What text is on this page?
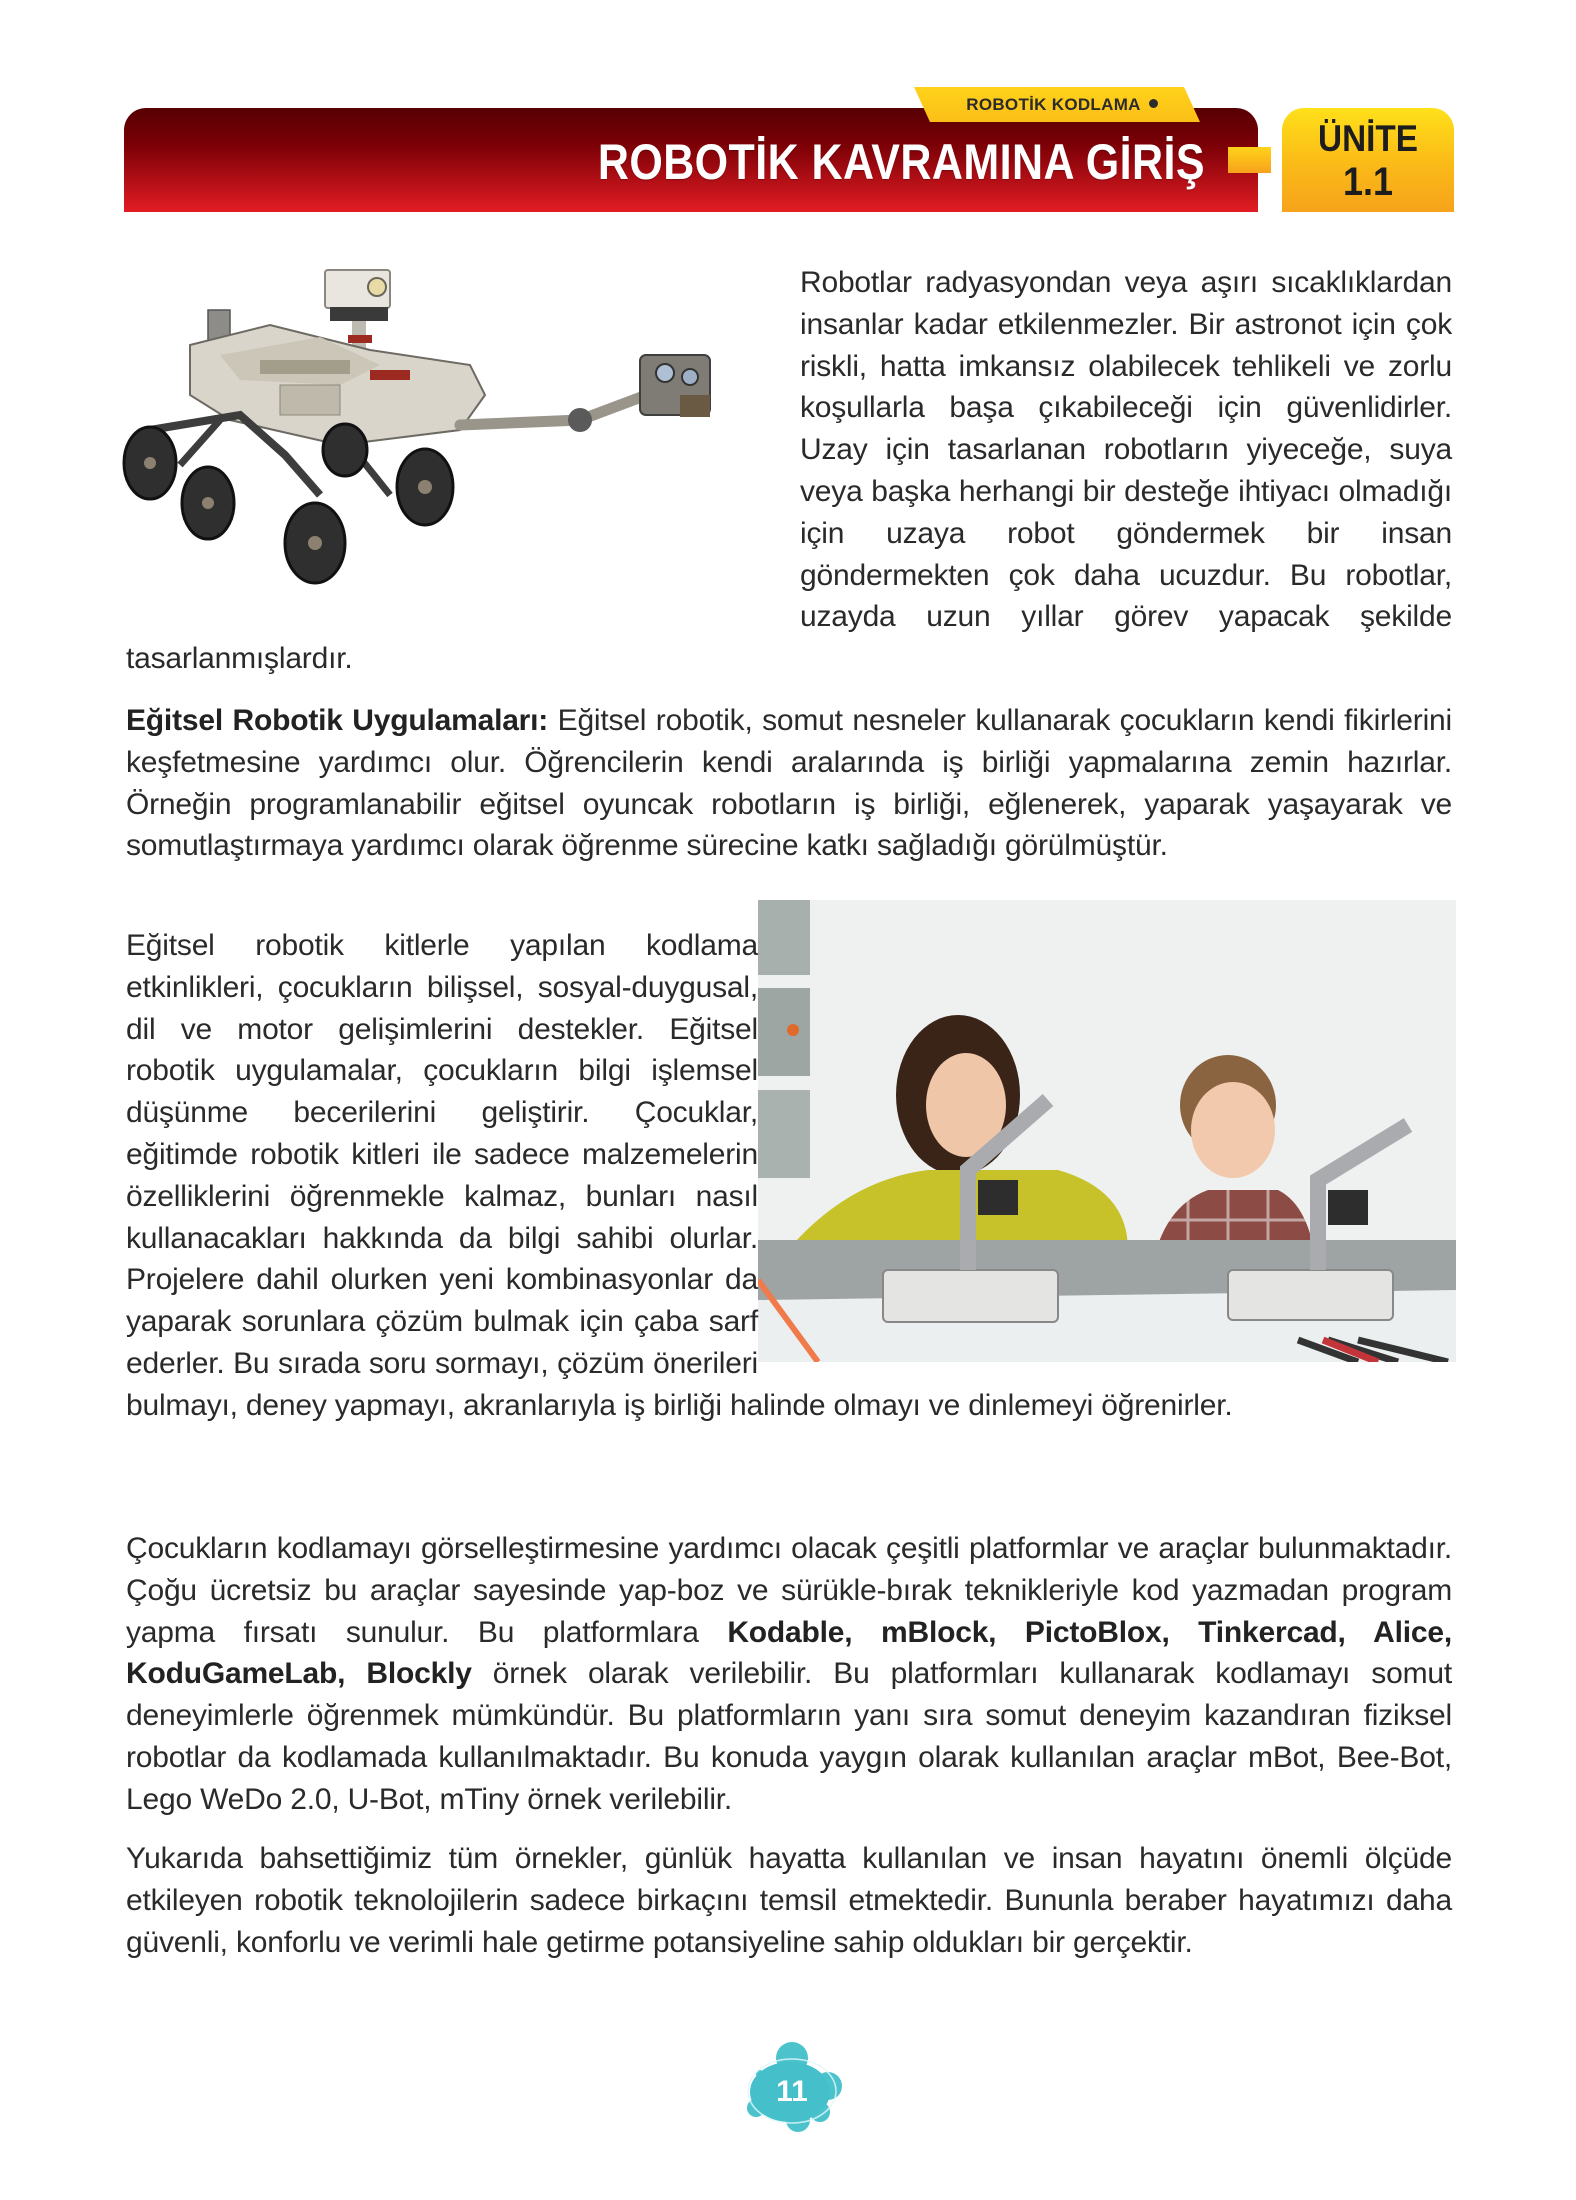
ROBOTİK KAVRAMINA GİRİŞ
ROBOTİK KODLAMA
ÜNİTE
1.1
Robotlar radyasyondan veya aşırı sıcaklıklardan insanlar kadar etkilenmezler. Bir astronot için çok riskli, hatta imkansız olabilecek tehlikeli ve zorlu koşullarla başa çıkabileceği için güvenlidirler. Uzay için tasarlanan robotların yiyeceğe, suya veya başka herhangi bir desteğe ihtiyacı olmadığı için uzaya robot göndermek bir insan göndermekten çok daha ucuzdur. Bu robotlar, uzayda uzun yıllar görev yapacak şekilde tasarlanmışlardır.
Eğitsel Robotik Uygulamaları: Eğitsel robotik, somut nesneler kullanarak çocukların kendi fikirlerini keşfetmesine yardımcı olur. Öğrencilerin kendi aralarında iş birliği yapmalarına zemin hazırlar. Örneğin programlanabilir eğitsel oyuncak robotların iş birliği, eğlenerek, yaparak yaşayarak ve somutlaştırmaya yardımcı olarak öğrenme sürecine katkı sağladığı görülmüştür.
Eğitsel robotik kitlerle yapılan kodlama etkinlikleri, çocukların bilişsel, sosyal-duygusal, dil ve motor gelişimlerini destekler. Eğitsel robotik uygulamalar, çocukların bilgi işlemsel düşünme becerilerini geliştirir. Çocuklar, eğitimde robotik kitleri ile sadece malzemelerin özelliklerini öğrenmekle kalmaz, bunları nasıl kullanacakları hakkında da bilgi sahibi olurlar. Projelere dahil olurken yeni kombinasyonlar da yaparak sorunlara çözüm bulmak için çaba sarf ederler. Bu sırada soru sormayı, çözüm önerileri bulmayı, deney yapmayı, akranlarıyla iş birliği halinde olmayı ve dinlemeyi öğrenirler.
Çocukların kodlamayı görselleştirmesine yardımcı olacak çeşitli platformlar ve araçlar bulunmaktadır. Çoğu ücretsiz bu araçlar sayesinde yap-boz ve sürükle-bırak teknikleriyle kod yazmadan program yapma fırsatı sunulur. Bu platformlara Kodable, mBlock, PictoBlox, Tinkercad, Alice, KoduGameLab, Blockly örnek olarak verilebilir. Bu platformları kullanarak kodlamayı somut deneyimlerle öğrenmek mümkündür. Bu platformların yanı sıra somut deneyim kazandıran fiziksel robotlar da kodlamada kullanılmaktadır. Bu konuda yaygın olarak kullanılan araçlar mBot, Bee-Bot, Lego WeDo 2.0, U-Bot, mTiny örnek verilebilir.
Yukarıda bahsettiğimiz tüm örnekler, günlük hayatta kullanılan ve insan hayatını önemli ölçüde etkileyen robotik teknolojilerin sadece birkaçını temsil etmektedir. Bununla beraber hayatımızı daha güvenli, konforlu ve verimli hale getirme potansiyeline sahip oldukları bir gerçektir.
11
